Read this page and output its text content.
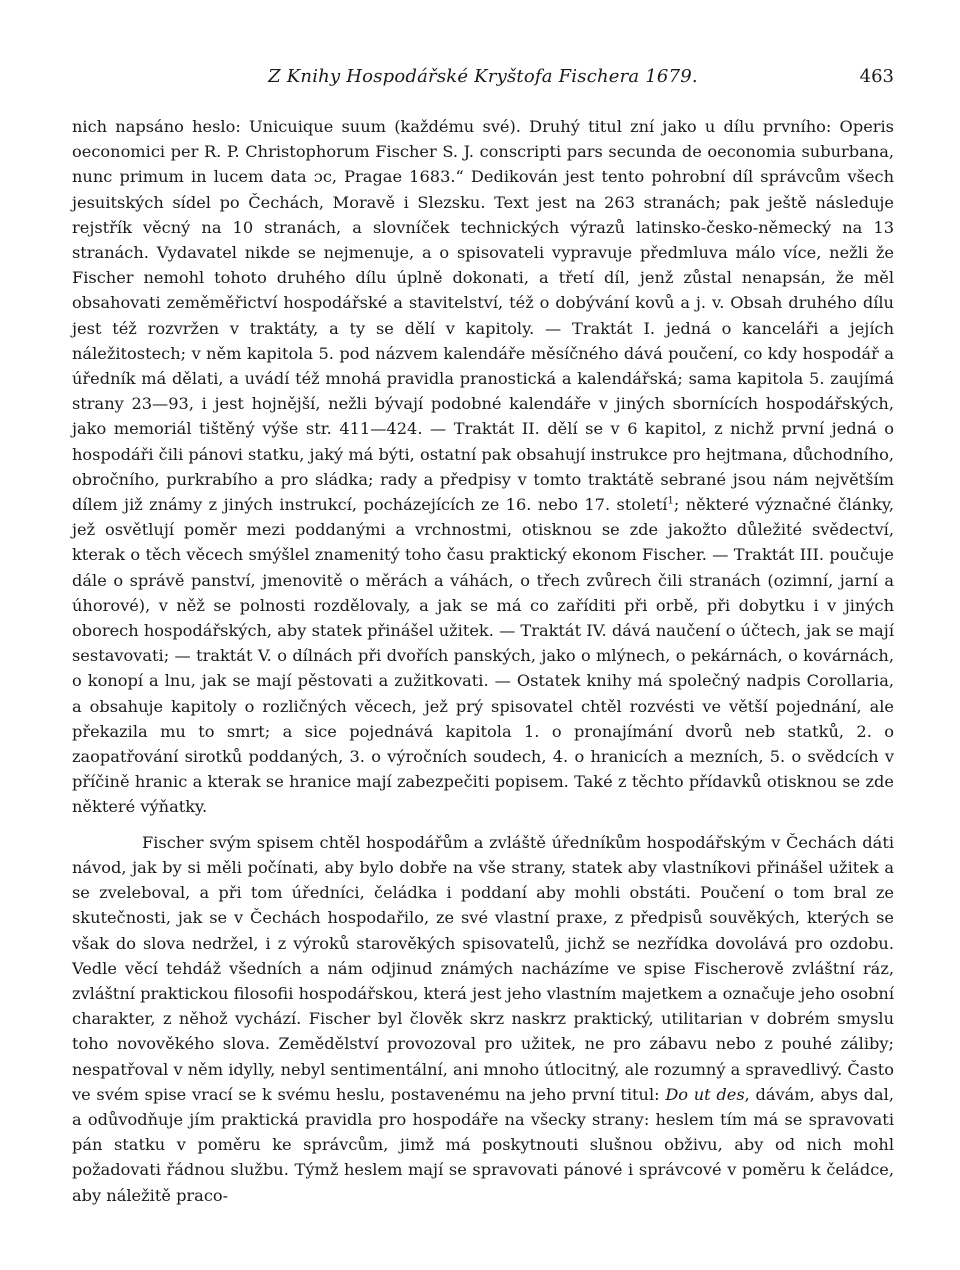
Z Knihy Hospodářské Kryštofa Fischera 1679.	463

nich napsáno heslo: Unicuique suum (každému své). Druhý titul zní jako u dílu prvního: Operis oeconomici per R. P. Christophorum Fischer S. J. conscripti pars secunda de oeconomia suburbana, nunc primum in lucem data ɔc, Pragae 1683.“ Dedikován jest tento pohrobní díl správcům všech jesuitských sídel po Čechách, Moravě i Slezsku. Text jest na 263 stranách; pak ještě následuje rejstřík věcný na 10 stranách, a slovníček technických výrazů latinsko-česko-německý na 13 stranách. Vydavatel nikde se nejmenuje, a o spisovateli vypravuje předmluva málo více, nežli že Fischer nemohl tohoto druhého dílu úplně dokonati, a třetí díl, jenž zůstal nenapsán, že měl obsahovati zeměměřictví hospodářské a stavitelství, též o dobývání kovů a j. v. Obsah druhého dílu jest též rozvržen v traktáty, a ty se dělí v kapitoly. — Traktát I. jedná o kanceláři a jejích náležitostech; v něm kapitola 5. pod názvem kalendáře měsíčného dává poučení, co kdy hospodář a úředník má dělati, a uvádí též mnohá pravidla pranostická a kalendářská; sama kapitola 5. zaujímá strany 23—93, i jest hojnější, nežli bývají podobné kalendáře v jiných sbornících hospodářských, jako memoriál tištěný výše str. 411—424. — Traktát II. dělí se v 6 kapitol, z nichž první jedná o hospodáři čili pánovi statku, jaký má býti, ostatní pak obsahují instrukce pro hejtmana, důchodního, obročního, purkrabího a pro sládka; rady a předpisy v tomto traktátě sebrané jsou nám největším dílem již známy z jiných instrukcí, pocházejících ze 16. nebo 17. století$^1$; některé význačné články, jež osvětlují poměr mezi poddanými a vrchnostmi, otisknou se zde jakožto důležité svědectví, kterak o těch věcech smýšlel znamenitý toho času praktický ekonom Fischer. — Traktát III. poučuje dále o správě panství, jmenovitě o měrách a váhách, o třech zvůrech čili stranách (ozimní, jarní a úhorové), v něž se polnosti rozdělovaly, a jak se má co zaříditi při orbě, při dobytku i v jiných oborech hospodářských, aby statek přinášel užitek. — Traktát IV. dává naučení o účtech, jak se mají sestavovati; — traktát V. o dílnách při dvořích panských, jako o mlýnech, o pekárnách, o kovárnách, o konopí a lnu, jak se mají pěstovati a zužitkovati. — Ostatek knihy má společný nadpis Corollaria, a obsahuje kapitoly o rozličných věcech, jež prý spisovatel chtěl rozvésti ve větší pojednání, ale překazila mu to smrt; a sice pojednává kapitola 1. o pronajímání dvorů neb statků, 2. o zaopatřování sirotků poddaných, 3. o výročních soudech, 4. o hranicích a mezních, 5. o svědcích v příčině hranic a kterak se hranice mají zabezpečiti popisem. Také z těchto přídavků otisknou se zde některé výňatky.

Fischer svým spisem chtěl hospodářům a zvláště úředníkům hospodářským v Čechách dáti návod, jak by si měli počínati, aby bylo dobře na vše strany, statek aby vlastníkovi přinášel užitek a se zveleboval, a při tom úředníci, čeládka i poddaní aby mohli obstáti. Poučení o tom bral ze skutečnosti, jak se v Čechách hospodařilo, ze své vlastní praxe, z předpisů souvěkých, kterých se však do slova nedržel, i z výroků starověkých spisovatelů, jichž se nezřídka dovolává pro ozdobu. Vedle věcí tehdáž všedních a nám odjinud známých nacházíme ve spise Fischerově zvláštní ráz, zvláštní praktickou filosofii hospodářskou, která jest jeho vlastním majetkem a označuje jeho osobní charakter, z něhož vychází. Fischer byl člověk skrz naskrz praktický, utilitarian v dobrém smyslu toho novověkého slova. Zemědělství provozoval pro užitek, ne pro zábavu nebo z pouhé záliby; nespatřoval v něm idylly, nebyl sentimentální, ani mnoho útlocitný, ale rozumný a spravedlivý. Často ve svém spise vrací se k svému heslu, postavenému na jeho první titul: Do ut des, dávám, abys dal, a odůvodňuje jím praktická pravidla pro hospodáře na všecky strany: heslem tím má se spravovati pán statku v poměru ke správcům, jimž má poskytnouti slušnou obživu, aby od nich mohl požadovati řádnou službu. Týmž heslem mají se spravovati pánové i správcové v poměru k čeládce, aby náležitě praco-
